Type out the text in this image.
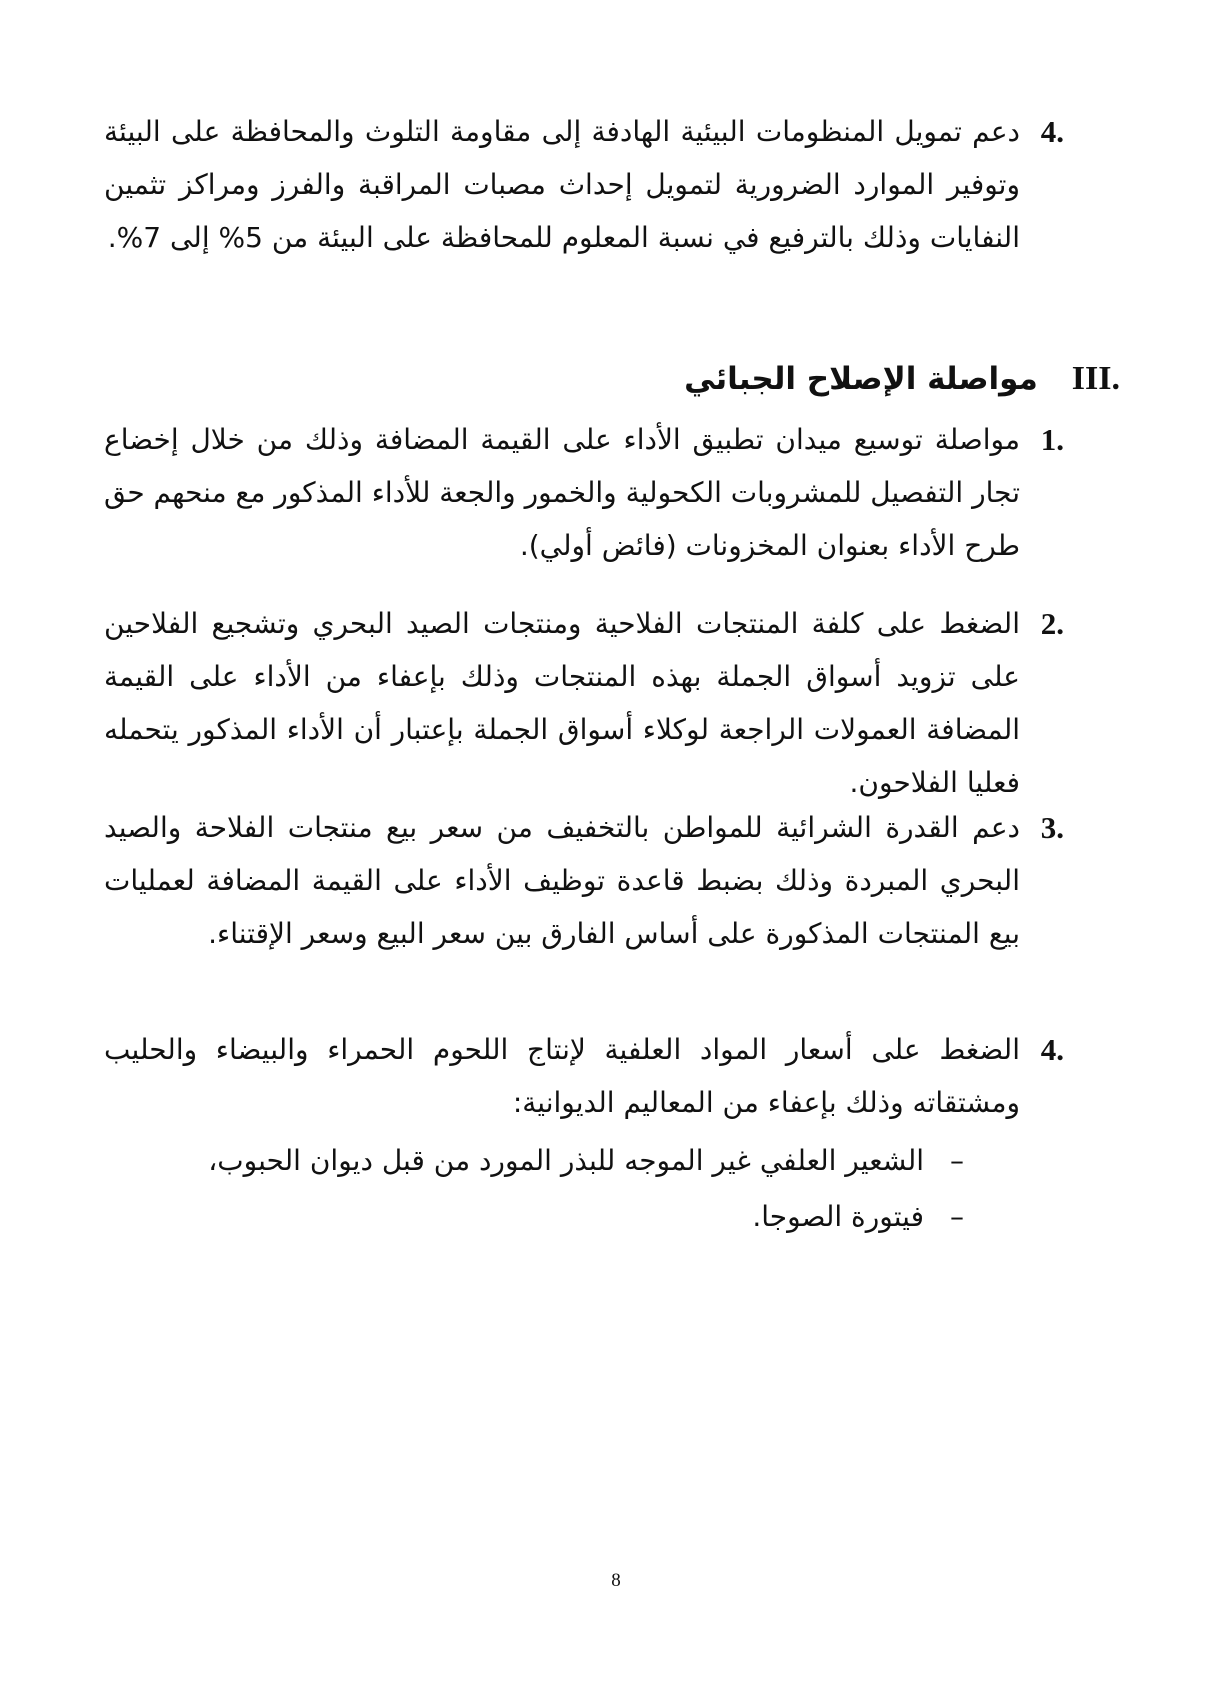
4.
دعم تمويل المنظومات البيئية الهادفة إلى مقاومة التلوث والمحافظة على البيئة وتوفير الموارد الضرورية لتمويل إحداث مصبات المراقبة والفرز ومراكز تثمين النفايات وذلك بالترفيع في نسبة المعلوم للمحافظة على البيئة من 5% إلى 7%.
III.
مواصلة الإصلاح الجبائي
1.
مواصلة توسيع ميدان تطبيق الأداء على القيمة المضافة وذلك من خلال إخضاع تجار التفصيل للمشروبات الكحولية والخمور والجعة للأداء المذكور مع منحهم حق طرح الأداء بعنوان المخزونات (فائض أولي).
2.
الضغط على كلفة المنتجات الفلاحية ومنتجات الصيد البحري وتشجيع الفلاحين على تزويد أسواق الجملة بهذه المنتجات وذلك بإعفاء من الأداء على القيمة المضافة العمولات الراجعة لوكلاء أسواق الجملة بإعتبار أن الأداء المذكور يتحمله فعليا الفلاحون.
3.
دعم القدرة الشرائية للمواطن بالتخفيف من سعر بيع منتجات الفلاحة والصيد البحري المبردة وذلك بضبط قاعدة توظيف الأداء على القيمة المضافة لعمليات بيع المنتجات المذكورة على أساس الفارق بين سعر البيع وسعر الإقتناء.
4.
الضغط على أسعار المواد العلفية لإنتاج اللحوم الحمراء والبيضاء والحليب ومشتقاته وذلك بإعفاء من المعاليم الديوانية:
–
الشعير العلفي غير الموجه للبذر المورد من قبل ديوان الحبوب،
–
فيتورة الصوجا.
8
